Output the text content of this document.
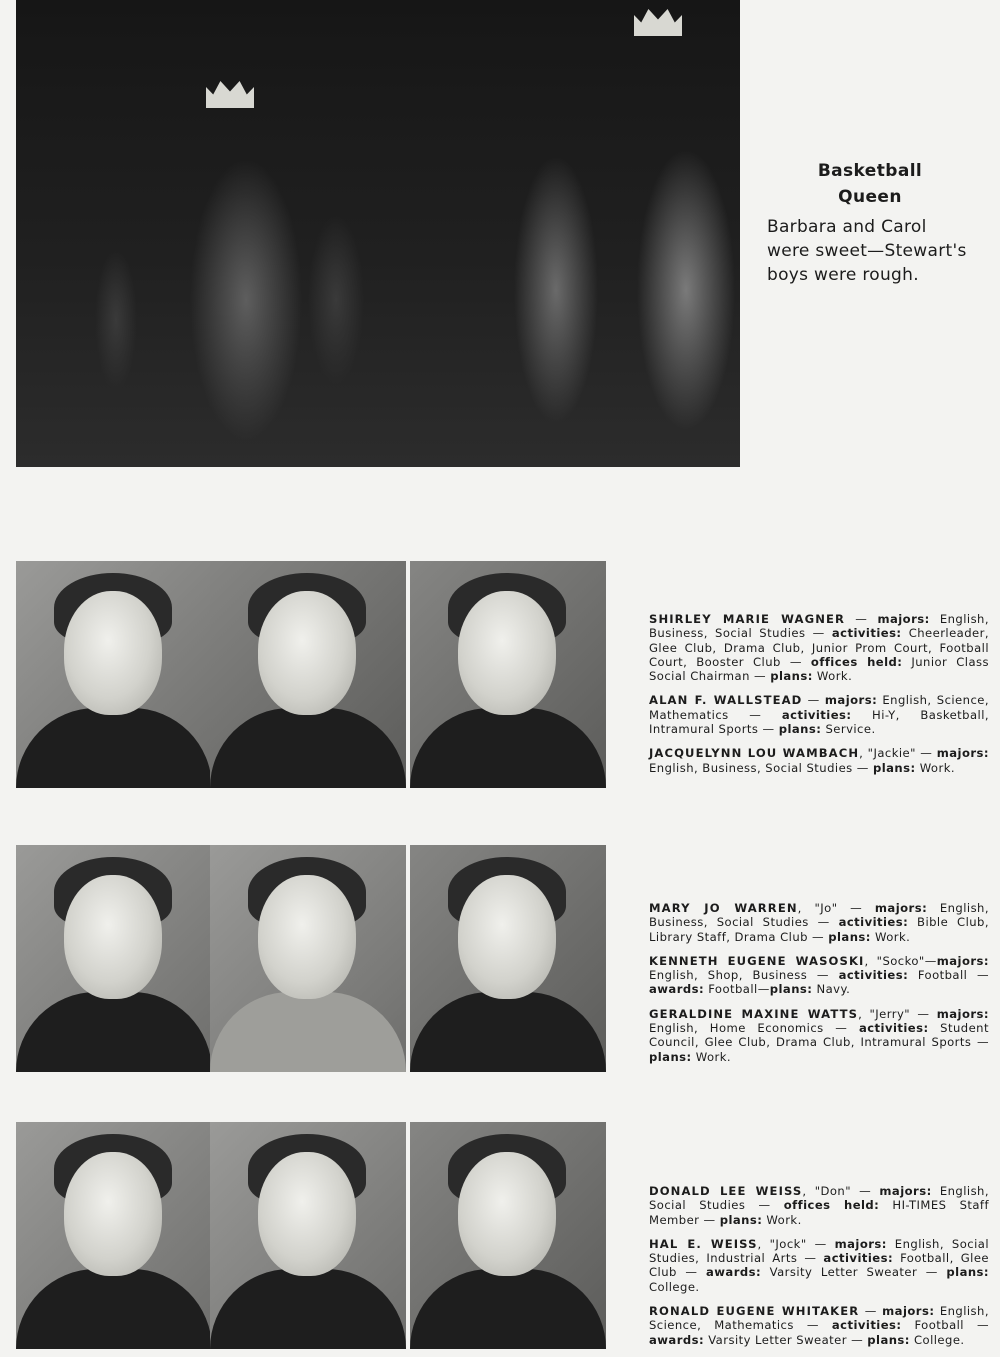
Basketball
Queen
Barbara and Carol were sweet—Stewart's boys were rough.

SHIRLEY MARIE WAGNER — majors: English, Business, Social Studies — activities: Cheerleader, Glee Club, Drama Club, Junior Prom Court, Football Court, Booster Club — offices held: Junior Class Social Chairman — plans: Work.

ALAN F. WALLSTEAD — majors: English, Science, Mathematics — activities: Hi-Y, Basketball, Intramural Sports — plans: Service.

JACQUELYNN LOU WAMBACH, "Jackie" — majors: English, Business, Social Studies — plans: Work.

MARY JO WARREN, "Jo" — majors: English, Business, Social Studies — activities: Bible Club, Library Staff, Drama Club — plans: Work.

KENNETH EUGENE WASOSKI, "Socko"—majors: English, Shop, Business — activities: Football — awards: Football—plans: Navy.

GERALDINE MAXINE WATTS, "Jerry" — majors: English, Home Economics — activities: Student Council, Glee Club, Drama Club, Intramural Sports — plans: Work.

DONALD LEE WEISS, "Don" — majors: English, Social Studies — offices held: HI-TIMES Staff Member — plans: Work.

HAL E. WEISS, "Jock" — majors: English, Social Studies, Industrial Arts — activities: Football, Glee Club — awards: Varsity Letter Sweater — plans: College.

RONALD EUGENE WHITAKER — majors: English, Science, Mathematics — activities: Football — awards: Varsity Letter Sweater — plans: College.
